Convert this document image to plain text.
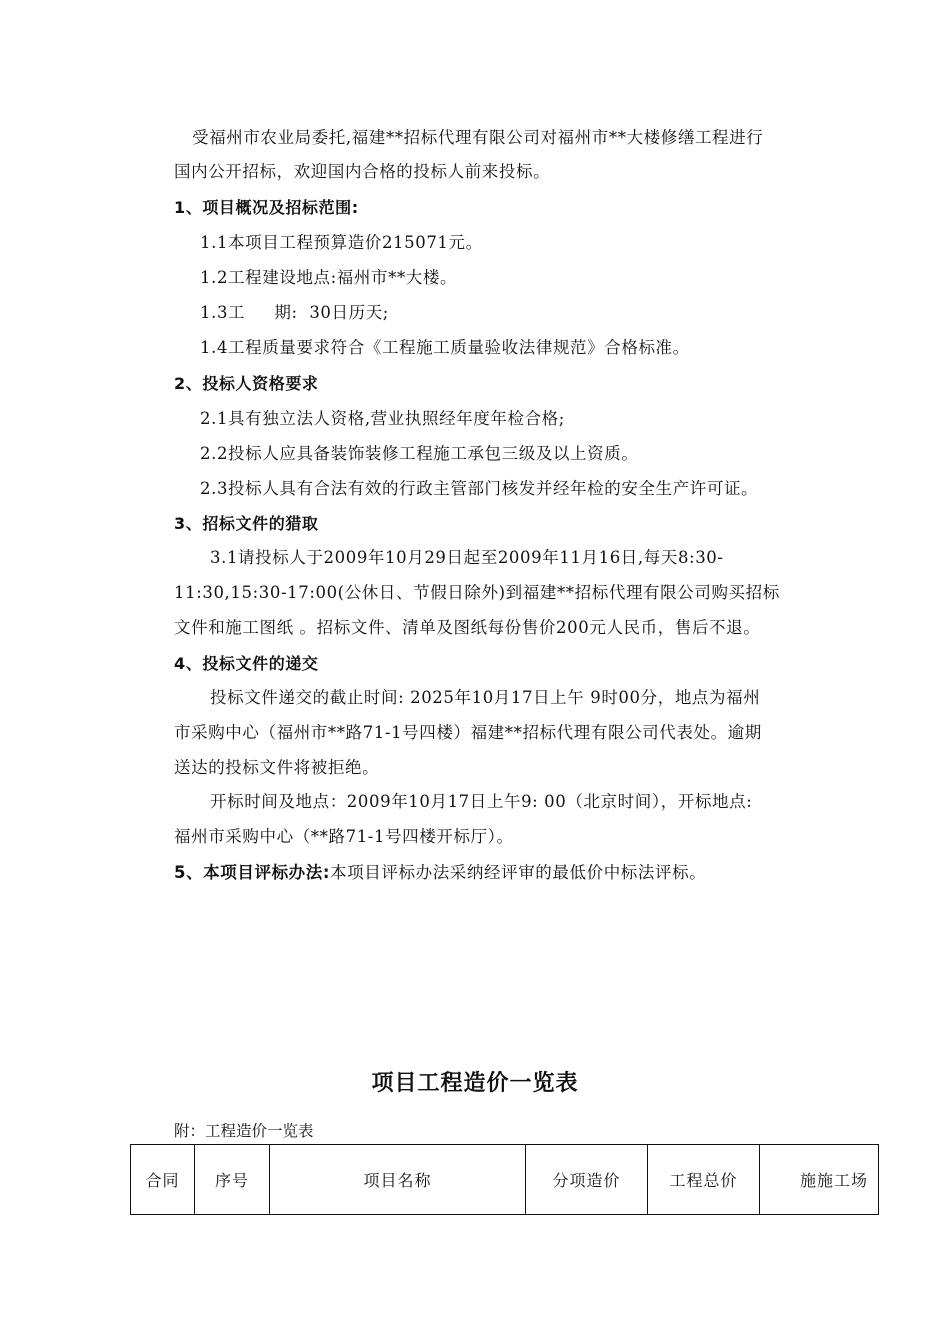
受福州市农业局委托,福建**招标代理有限公司对福州市**大楼修缮工程进行
国内公开招标，欢迎国内合格的投标人前来投标。
1、项目概况及招标范围:
1.1本项目工程预算造价215071元。
1.2工程建设地点:福州市**大楼。
1.3工     期:  30日历天;
1.4工程质量要求符合《工程施工质量验收法律规范》合格标准。
2、投标人资格要求
2.1具有独立法人资格,营业执照经年度年检合格;
2.2投标人应具备装饰装修工程施工承包三级及以上资质。
2.3投标人具有合法有效的行政主管部门核发并经年检的安全生产许可证。
3、招标文件的猎取
3.1请投标人于2009年10月29日起至2009年11月16日,每天8:30-
11:30,15:30-17:00(公休日、节假日除外)到福建**招标代理有限公司购买招标
文件和施工图纸 。招标文件、清单及图纸每份售价200元人民币，售后不退。
4、投标文件的递交
投标文件递交的截止时间: 2025年10月17日上午 9时00分，地点为福州
市采购中心（福州市**路71-1号四楼）福建**招标代理有限公司代表处。逾期
送达的投标文件将被拒绝。
开标时间及地点：2009年10月17日上午9: 00（北京时间），开标地点:
福州市采购中心（**路71-1号四楼开标厅）。
5、本项目评标办法:本项目评标办法采纳经评审的最低价中标法评标。
项目工程造价一览表
附：工程造价一览表
合同	序号	项目名称	分项造价	工程总价	施施工场
